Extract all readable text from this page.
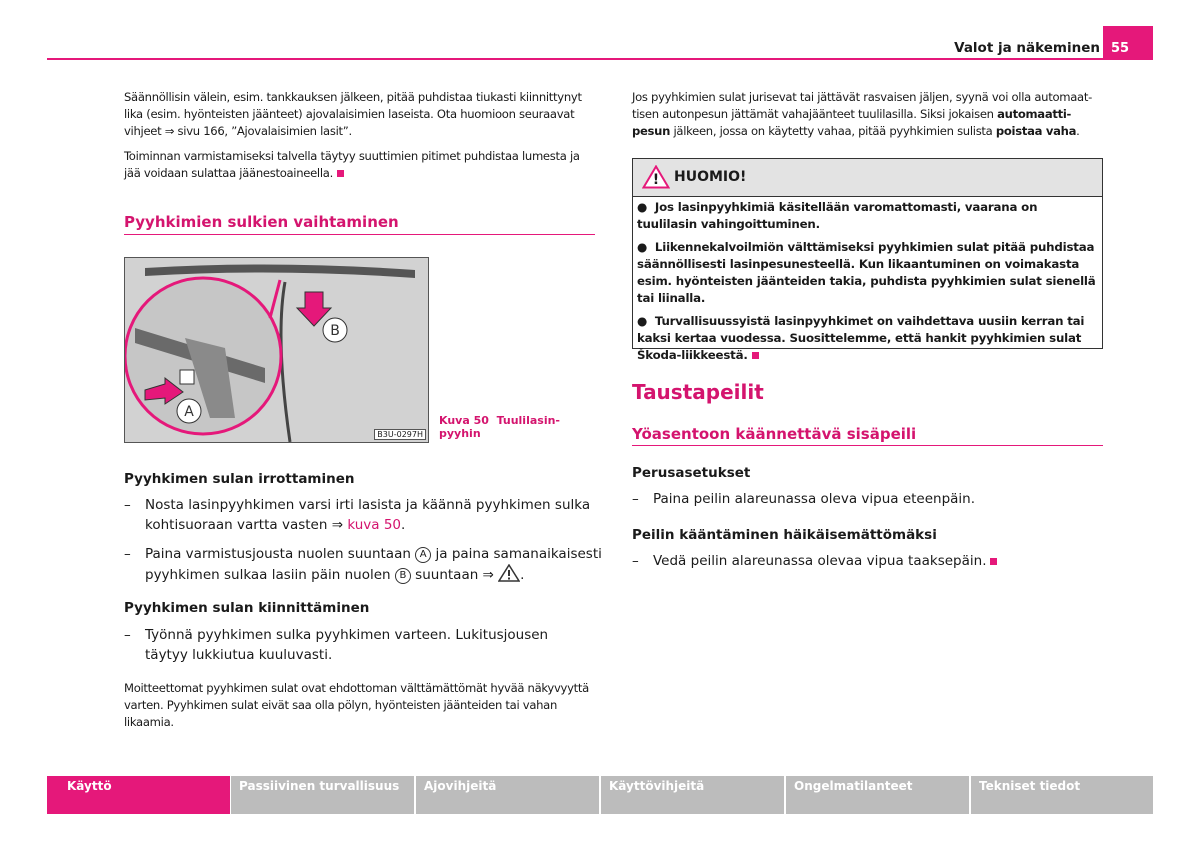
Valot ja näkeminen 55

Säännöllisin välein, esim. tankkauksen jälkeen, pitää puhdistaa tiukasti kiinnittynyt lika (esim. hyönteisten jäänteet) ajovalaisimien laseista. Ota huomioon seuraavat vihjeet ⇒ sivu 166, ”Ajovalaisimien lasit”.

Toiminnan varmistamiseksi talvella täytyy suuttimien pitimet puhdistaa lumesta ja jää voidaan sulattaa jäänestoaineella.

Pyyhkimien sulkien vaihtaminen
B
A
B3U-0297H
Kuva 50 Tuulilasin-
pyyhin
Pyyhkimen sulan irrottaminen
– Nosta lasinpyyhkimen varsi irti lasista ja käännä pyyhkimen sulka
kohtisuoraan vartta vasten ⇒ kuva 50.
– Paina varmistusjousta nuolen suuntaan A ja paina samanaikaisesti
pyyhkimen sulkaa lasiin päin nuolen B suuntaan ⇒ .
Pyyhkimen sulan kiinnittäminen
– Työnnä pyyhkimen sulka pyyhkimen varteen. Lukitusjousen täytyy lukkiutua kuuluvasti.

Moitteettomat pyyhkimen sulat ovat ehdottoman välttämättömät hyvää näkyvyyttä varten. Pyyhkimen sulat eivät saa olla pölyn, hyönteisten jäänteiden tai vahan likaamia.

Jos pyyhkimien sulat jurisevat tai jättävät rasvaisen jäljen, syynä voi olla automaat-
tisen autonpesun jättämät vahajäänteet tuulilasilla. Siksi jokaisen automaatti-
pesun jälkeen, jossa on käytetty vahaa, pitää pyyhkimien sulista poistaa vaha.

! HUOMIO!
●  Jos lasinpyyhkimiä käsitellään varomattomasti, vaarana on tuulilasin vahingoittuminen.
●  Liikennekalvoilmiön välttämiseksi pyyhkimien sulat pitää puhdistaa säännöllisesti lasinpesunesteellä. Kun likaantuminen on voimakasta esim. hyönteisten jäänteiden takia, puhdista pyyhkimien sulat sienellä tai liinalla.
●  Turvallisuussyistä lasinpyyhkimet on vaihdettava uusiin kerran tai kaksi kertaa vuodessa. Suosittelemme, että hankit pyyhkimien sulat Škoda-liikkeestä.
Taustapeilit
Yöasentoon käännettävä sisäpeili
Perusasetukset
– Paina peilin alareunassa oleva vipua eteenpäin.
Peilin kääntäminen häikäisemättömäksi
– Vedä peilin alareunassa olevaa vipua taaksepäin.
Käyttö	Passiivinen turvallisuus	Ajovihjeitä	Käyttövihjeitä	Ongelmatilanteet	Tekniset tiedot
